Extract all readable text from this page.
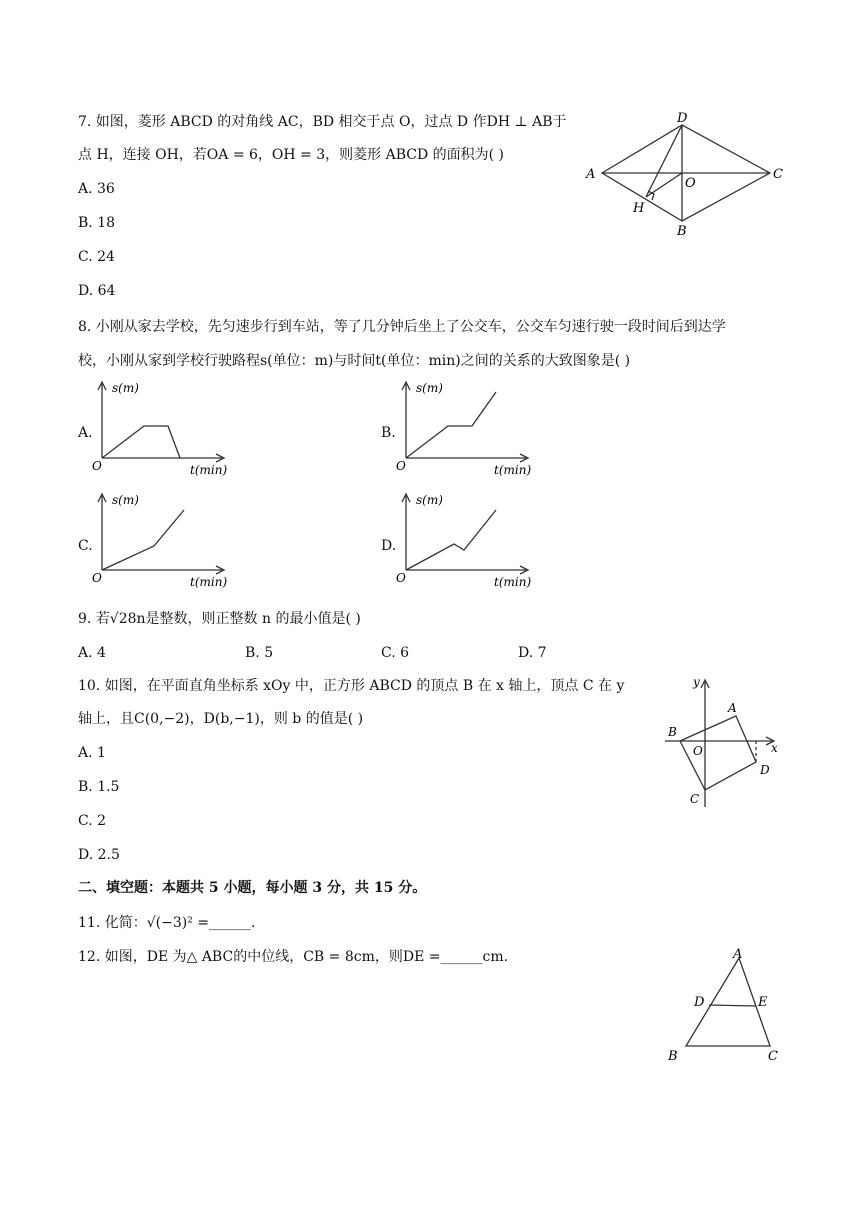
7. 如图，菱形 ABCD 的对角线 AC，BD 相交于点 O，过点 D 作DH ⊥ AB于
点 H，连接 OH，若OA = 6，OH = 3，则菱形 ABCD 的面积为( )
A. 36
B. 18
C. 24
D. 64
A
D
C
B
O
H
8. 小刚从家去学校，先匀速步行到车站，等了几分钟后坐上了公交车，公交车匀速行驶一段时间后到达学
校，小刚从家到学校行驶路程s(单位：m)与时间t(单位：min)之间的关系的大致图象是( )
A.	B.
C.	D.
s(m)
O	t(min)
s(m)
O	t(min)
s(m)
O	t(min)
s(m)
O	t(min)
9. 若√28n是整数，则正整数 n 的最小值是( )
A. 4	B. 5	C. 6	D. 7
10. 如图，在平面直角坐标系 xOy 中，正方形 ABCD 的顶点 B 在 x 轴上，顶点 C 在 y
轴上，且C(0,−2)，D(b,−1)，则 b 的值是( )
A. 1
B. 1.5
C. 2
D. 2.5
y
x
A
B
C
D
O
二、填空题：本题共 5 小题，每小题 3 分，共 15 分。
11. 化简：√(−3)² =______.
12. 如图，DE 为△ ABC的中位线，CB = 8cm，则DE =______cm.	A
D	E
B	C
